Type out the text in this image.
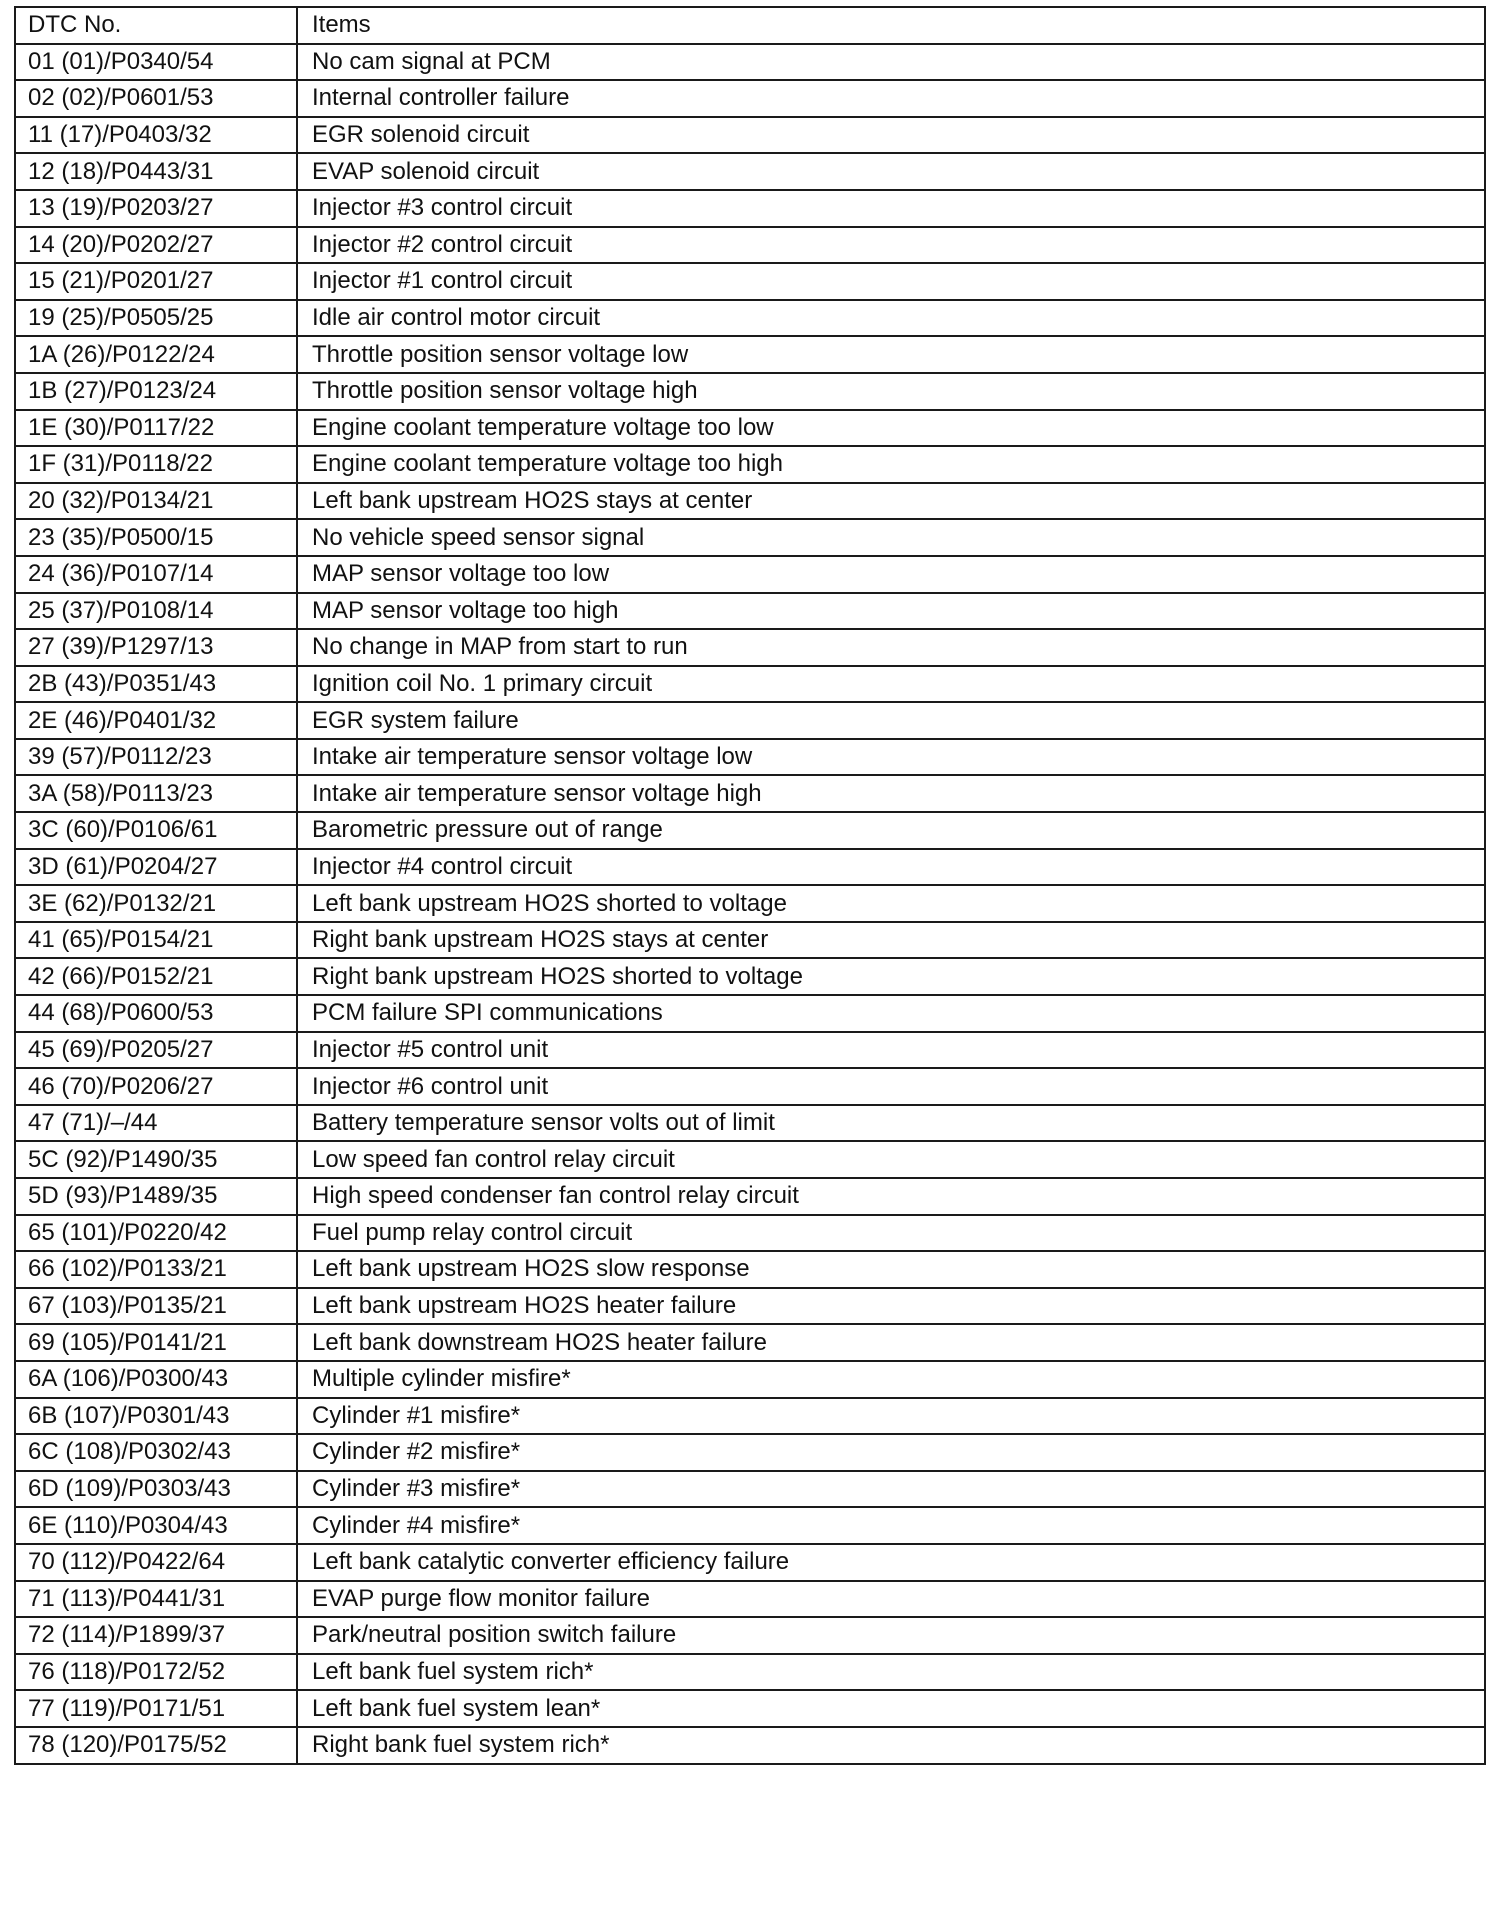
DTC No.	Items
01 (01)/P0340/54	No cam signal at PCM
02 (02)/P0601/53	Internal controller failure
11 (17)/P0403/32	EGR solenoid circuit
12 (18)/P0443/31	EVAP solenoid circuit
13 (19)/P0203/27	Injector #3 control circuit
14 (20)/P0202/27	Injector #2 control circuit
15 (21)/P0201/27	Injector #1 control circuit
19 (25)/P0505/25	Idle air control motor circuit
1A (26)/P0122/24	Throttle position sensor voltage low
1B (27)/P0123/24	Throttle position sensor voltage high
1E (30)/P0117/22	Engine coolant temperature voltage too low
1F (31)/P0118/22	Engine coolant temperature voltage too high
20 (32)/P0134/21	Left bank upstream HO2S stays at center
23 (35)/P0500/15	No vehicle speed sensor signal
24 (36)/P0107/14	MAP sensor voltage too low
25 (37)/P0108/14	MAP sensor voltage too high
27 (39)/P1297/13	No change in MAP from start to run
2B (43)/P0351/43	Ignition coil No. 1 primary circuit
2E (46)/P0401/32	EGR system failure
39 (57)/P0112/23	Intake air temperature sensor voltage low
3A (58)/P0113/23	Intake air temperature sensor voltage high
3C (60)/P0106/61	Barometric pressure out of range
3D (61)/P0204/27	Injector #4 control circuit
3E (62)/P0132/21	Left bank upstream HO2S shorted to voltage
41 (65)/P0154/21	Right bank upstream HO2S stays at center
42 (66)/P0152/21	Right bank upstream HO2S shorted to voltage
44 (68)/P0600/53	PCM failure SPI communications
45 (69)/P0205/27	Injector #5 control unit
46 (70)/P0206/27	Injector #6 control unit
47 (71)/–/44	Battery temperature sensor volts out of limit
5C (92)/P1490/35	Low speed fan control relay circuit
5D (93)/P1489/35	High speed condenser fan control relay circuit
65 (101)/P0220/42	Fuel pump relay control circuit
66 (102)/P0133/21	Left bank upstream HO2S slow response
67 (103)/P0135/21	Left bank upstream HO2S heater failure
69 (105)/P0141/21	Left bank downstream HO2S heater failure
6A (106)/P0300/43	Multiple cylinder misfire*
6B (107)/P0301/43	Cylinder #1 misfire*
6C (108)/P0302/43	Cylinder #2 misfire*
6D (109)/P0303/43	Cylinder #3 misfire*
6E (110)/P0304/43	Cylinder #4 misfire*
70 (112)/P0422/64	Left bank catalytic converter efficiency failure
71 (113)/P0441/31	EVAP purge flow monitor failure
72 (114)/P1899/37	Park/neutral position switch failure
76 (118)/P0172/52	Left bank fuel system rich*
77 (119)/P0171/51	Left bank fuel system lean*
78 (120)/P0175/52	Right bank fuel system rich*
